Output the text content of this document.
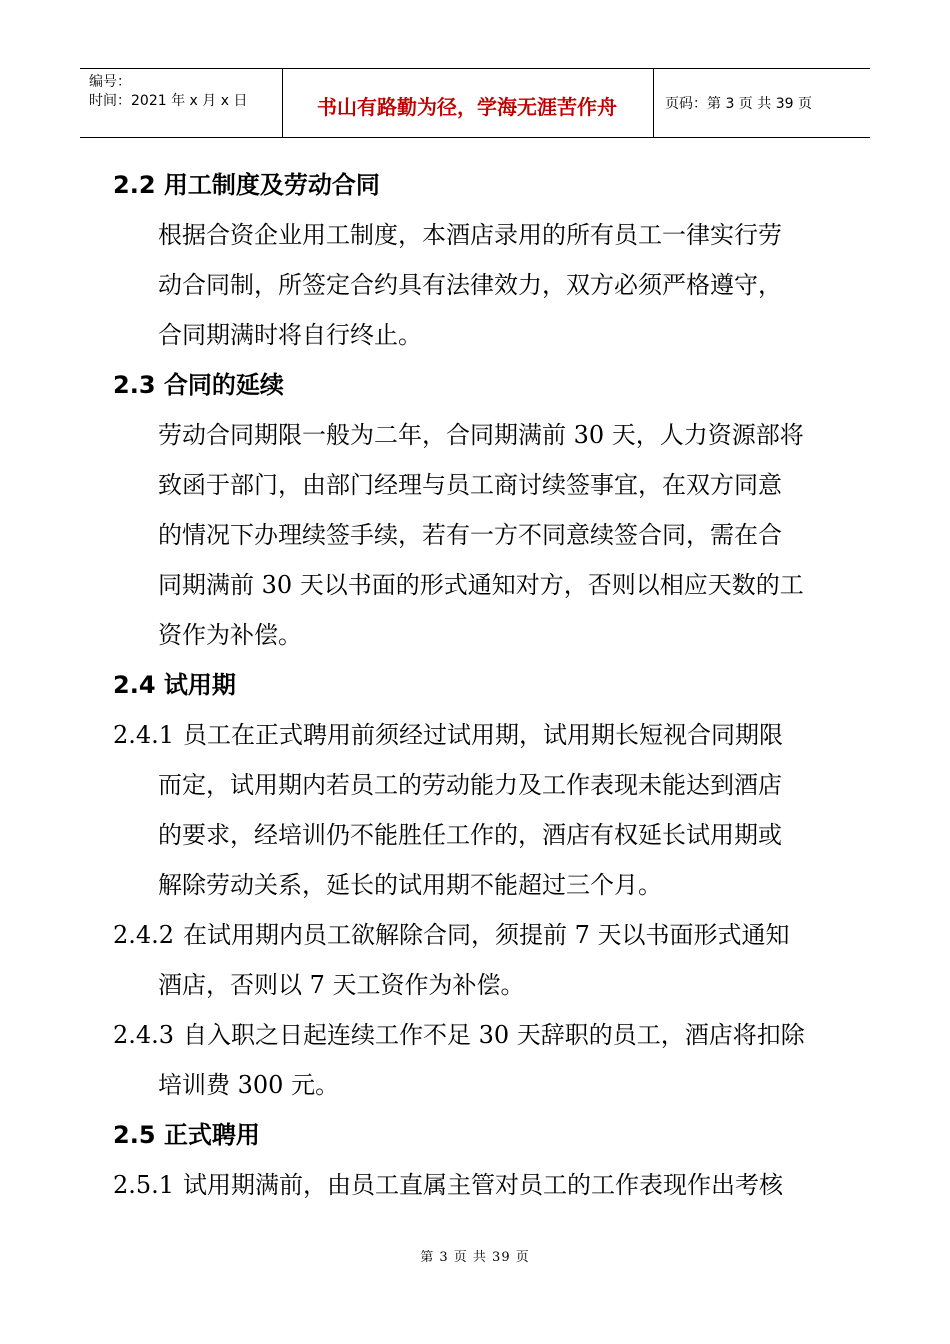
编号：
时间：2021 年 x 月 x 日	书山有路勤为径，学海无涯苦作舟	页码：第 3 页 共 39 页
2.2 用工制度及劳动合同
根据合资企业用工制度，本酒店录用的所有员工一律实行劳
动合同制，所签定合约具有法律效力，双方必须严格遵守，
合同期满时将自行终止。
2.3 合同的延续
劳动合同期限一般为二年，合同期满前 30 天，人力资源部将
致函于部门，由部门经理与员工商讨续签事宜，在双方同意
的情况下办理续签手续，若有一方不同意续签合同，需在合
同期满前 30 天以书面的形式通知对方，否则以相应天数的工
资作为补偿。
2.4 试用期
2.4.1 员工在正式聘用前须经过试用期，试用期长短视合同期限
而定，试用期内若员工的劳动能力及工作表现未能达到酒店
的要求，经培训仍不能胜任工作的，酒店有权延长试用期或
解除劳动关系，延长的试用期不能超过三个月。
2.4.2 在试用期内员工欲解除合同，须提前 7 天以书面形式通知
酒店，否则以 7 天工资作为补偿。
2.4.3 自入职之日起连续工作不足 30 天辞职的员工，酒店将扣除
培训费 300 元。
2.5 正式聘用
2.5.1 试用期满前，由员工直属主管对员工的工作表现作出考核
第 3 页 共 39 页
